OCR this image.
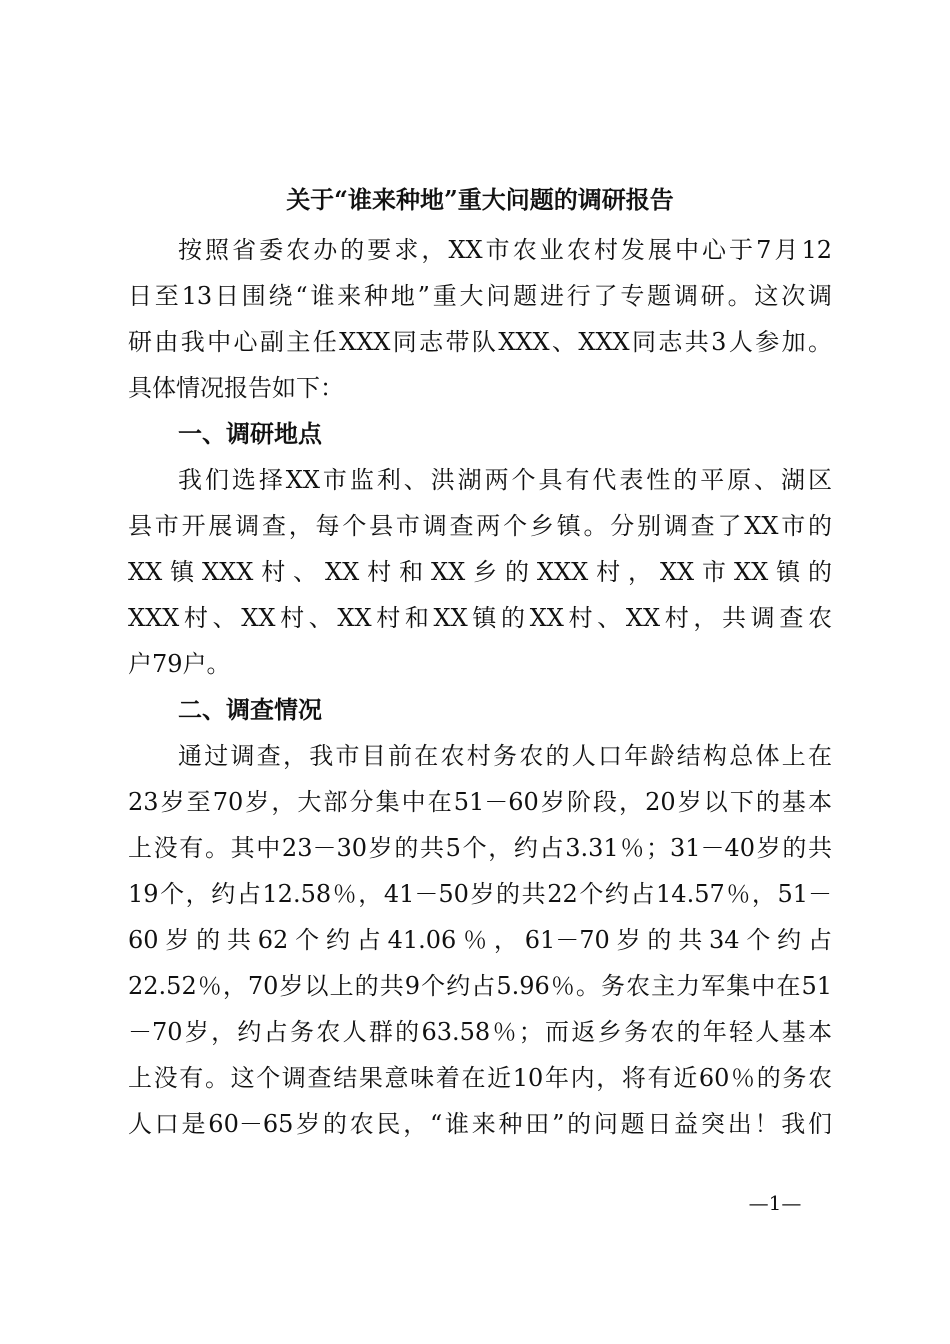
关于“谁来种地”重大问题的调研报告
按照省委农办的要求，XX市农业农村发展中心于7月12
日至13日围绕“谁来种地”重大问题进行了专题调研。这次调
研由我中心副主任XXX同志带队XXX、XXX同志共3人参加。
具体情况报告如下：
一、调研地点
我们选择XX市监利、洪湖两个具有代表性的平原、湖区
县市开展调查，每个县市调查两个乡镇。分别调查了XX市的
XX镇XXX村、XX村和XX乡的XXX村，XX市XX镇的
XXX村、XX村、XX村和XX镇的XX村、XX村，共调查农
户79户。
二、调查情况
通过调查，我市目前在农村务农的人口年龄结构总体上在
23岁至70岁，大部分集中在51－60岁阶段，20岁以下的基本
上没有。其中23－30岁的共5个，约占3.31％；31－40岁的共
19个，约占12.58％，41－50岁的共22个约占14.57％，51－
60岁的共62个约占41.06％，61－70岁的共34个约占
22.52％，70岁以上的共9个约占5.96％。务农主力军集中在51
－70岁，约占务农人群的63.58％；而返乡务农的年轻人基本
上没有。这个调查结果意味着在近10年内，将有近60％的务农
人口是60－65岁的农民，“谁来种田”的问题日益突出！我们
—1—
